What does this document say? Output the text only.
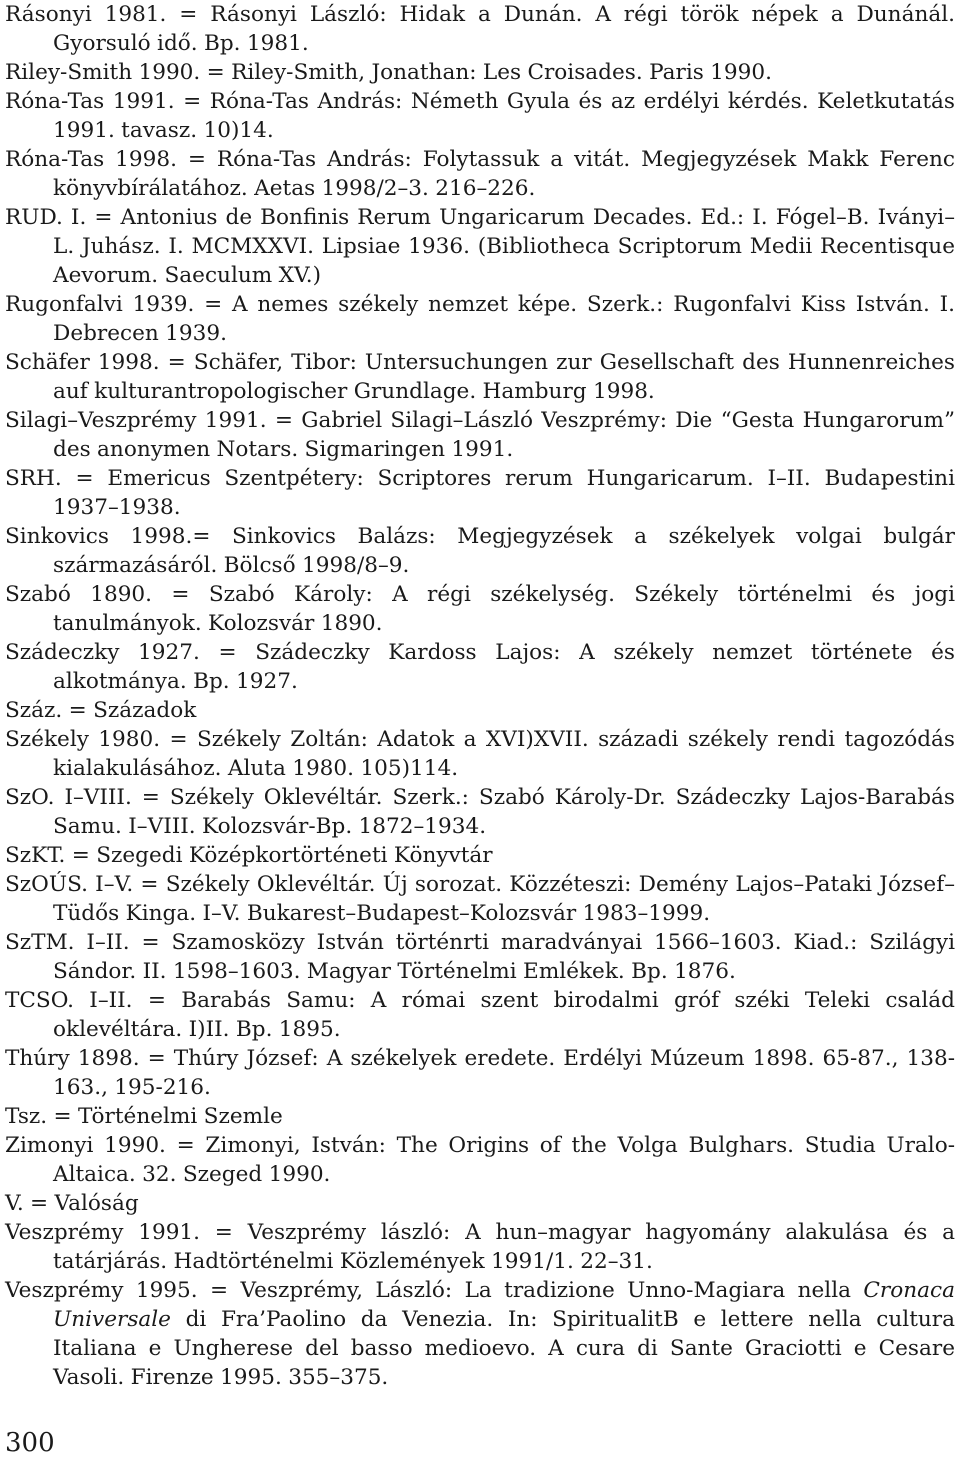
Rásonyi 1981. = Rásonyi László: Hidak a Dunán. A régi török népek a Dunánál. Gyorsuló idő. Bp. 1981.

Riley-Smith 1990. = Riley-Smith, Jonathan: Les Croisades. Paris 1990.

Róna-Tas 1991. = Róna-Tas András: Németh Gyula és az erdélyi kérdés. Keletkutatás 1991. tavasz. 10)14.

Róna-Tas 1998. = Róna-Tas András: Folytassuk a vitát. Megjegyzések Makk Ferenc könyvbírálatához. Aetas 1998/2–3. 216–226.

RUD. I. = Antonius de Bonfinis Rerum Ungaricarum Decades. Ed.: I. Fógel–B. Iványi–L. Juhász. I. MCMXXVI. Lipsiae 1936. (Bibliotheca Scriptorum Medii Recentisque Aevorum. Saeculum XV.)

Rugonfalvi 1939. = A nemes székely nemzet képe. Szerk.: Rugonfalvi Kiss István. I. Debrecen 1939.

Schäfer 1998. = Schäfer, Tibor: Untersuchungen zur Gesellschaft des Hunnenreiches auf kulturantropologischer Grundlage. Hamburg 1998.

Silagi–Veszprémy 1991. = Gabriel Silagi–László Veszprémy: Die “Gesta Hungarorum” des anonymen Notars. Sigmaringen 1991.

SRH. = Emericus Szentpétery: Scriptores rerum Hungaricarum. I–II. Budapestini 1937–1938.

Sinkovics 1998.= Sinkovics Balázs: Megjegyzések a székelyek volgai bulgár származásáról. Bölcső 1998/8–9.

Szabó 1890. = Szabó Károly: A régi székelység. Székely történelmi és jogi tanulmányok. Kolozsvár 1890.

Szádeczky 1927. = Szádeczky Kardoss Lajos: A székely nemzet története és alkotmánya. Bp. 1927.

Száz. = Századok

Székely 1980. = Székely Zoltán: Adatok a XVI)XVII. századi székely rendi tagozódás kialakulásához. Aluta 1980. 105)114.

SzO. I–VIII. = Székely Oklevéltár. Szerk.: Szabó Károly-Dr. Szádeczky Lajos-Barabás Samu. I–VIII. Kolozsvár-Bp. 1872–1934.

SzKT. = Szegedi Középkortörténeti Könyvtár

SzOÚS. I–V. = Székely Oklevéltár. Új sorozat. Közzéteszi: Demény Lajos–Pataki József–Tüdős Kinga. I–V. Bukarest–Budapest–Kolozsvár 1983–1999.

SzTM. I–II. = Szamosközy István történrti maradványai 1566–1603. Kiad.: Szilágyi Sándor. II. 1598–1603. Magyar Történelmi Emlékek. Bp. 1876.

TCSO. I–II. = Barabás Samu: A római szent birodalmi gróf széki Teleki család oklevéltára. I)II. Bp. 1895.

Thúry 1898. = Thúry József: A székelyek eredete. Erdélyi Múzeum 1898. 65-87., 138-163., 195-216.

Tsz. = Történelmi Szemle

Zimonyi 1990. = Zimonyi, István: The Origins of the Volga Bulghars. Studia Uralo-Altaica. 32. Szeged 1990.

V. = Valóság

Veszprémy 1991. = Veszprémy lászló: A hun–magyar hagyomány alakulása és a tatárjárás. Hadtörténelmi Közlemények 1991/1. 22–31.

Veszprémy 1995. = Veszprémy, László: La tradizione Unno-Magiara nella Cronaca Universale di Fra’Paolino da Venezia. In: SpiritualitB e lettere nella cultura Italiana e Ungherese del basso medioevo. A cura di Sante Graciotti e Cesare Vasoli. Firenze 1995. 355–375.

300
